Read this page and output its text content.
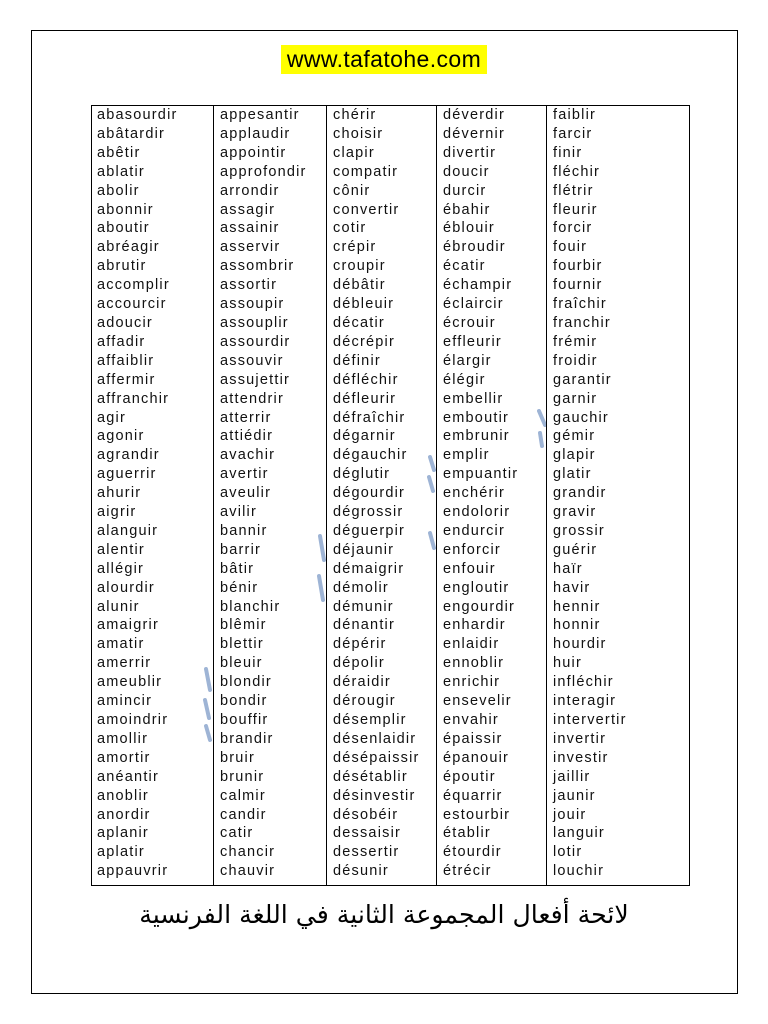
www.tafatohe.com
abasourdir
abâtardir
abêtir
ablatir
abolir
abonnir
aboutir
abréagir
abrutir
accomplir
accourcir
adoucir
affadir
affaiblir
affermir
affranchir
agir
agonir
agrandir
aguerrir
ahurir
aigrir
alanguir
alentir
allégir
alourdir
alunir
amaigrir
amatir
amerrir
ameublir
amincir
amoindrir
amollir
amortir
anéantir
anoblir
anordir
aplanir
aplatir
appauvrir
appesantir
applaudir
appointir
approfondir
arrondir
assagir
assainir
asservir
assombrir
assortir
assoupir
assouplir
assourdir
assouvir
assujettir
attendrir
atterrir
attiédir
avachir
avertir
aveulir
avilir
bannir
barrir
bâtir
bénir
blanchir
blêmir
blettir
bleuir
blondir
bondir
bouffir
brandir
bruir
brunir
calmir
candir
catir
chancir
chauvir
chérir
choisir
clapir
compatir
cônir
convertir
cotir
crépir
croupir
débâtir
débleuir
décatir
décrépir
définir
défléchir
défleurir
défraîchir
dégarnir
dégauchir
déglutir
dégourdir
dégrossir
déguerpir
déjaunir
démaigrir
démolir
démunir
dénantir
dépérir
dépolir
déraidir
dérougir
désemplir
désenlaidir
désépaissir
désétablir
désinvestir
désobéir
dessaisir
dessertir
désunir
déverdir
dévernir
divertir
doucir
durcir
ébahir
éblouir
ébroudir
écatir
échampir
éclaircir
écrouir
effleurir
élargir
élégir
embellir
emboutir
embrunir
emplir
empuantir
enchérir
endolorir
endurcir
enforcir
enfouir
engloutir
engourdir
enhardir
enlaidir
ennoblir
enrichir
ensevelir
envahir
épaissir
épanouir
époutir
équarrir
estourbir
établir
étourdir
étrécir
faiblir
farcir
finir
fléchir
flétrir
fleurir
forcir
fouir
fourbir
fournir
fraîchir
franchir
frémir
froidir
garantir
garnir
gauchir
gémir
glapir
glatir
grandir
gravir
grossir
guérir
haïr
havir
hennir
honnir
hourdir
huir
infléchir
interagir
intervertir
invertir
investir
jaillir
jaunir
jouir
languir
lotir
louchir
لائحة أفعال المجموعة الثانية في اللغة الفرنسية
